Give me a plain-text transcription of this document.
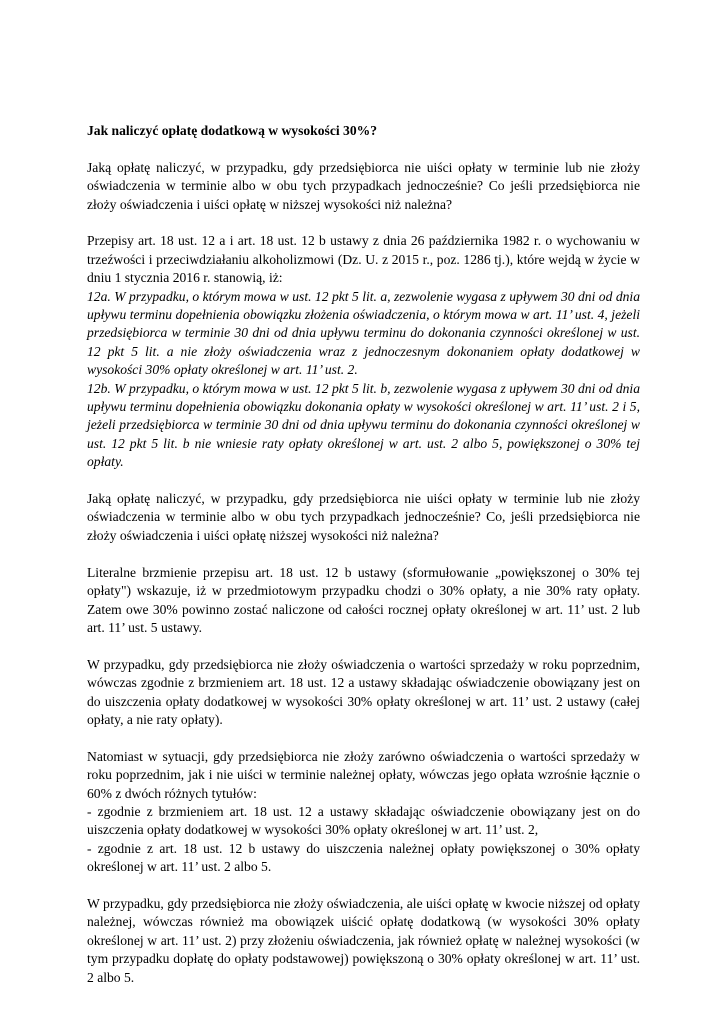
Jak naliczyć opłatę dodatkową w wysokości 30%?

Jaką opłatę naliczyć, w przypadku, gdy przedsiębiorca nie uiści opłaty w terminie lub nie złoży oświadczenia w terminie albo w obu tych przypadkach jednocześnie? Co jeśli przedsiębiorca nie złoży oświadczenia i uiści opłatę w niższej wysokości niż należna?

Przepisy art. 18 ust. 12 a i art. 18 ust. 12 b ustawy z dnia 26 października 1982 r. o wychowaniu w trzeźwości i przeciwdziałaniu alkoholizmowi (Dz. U. z 2015 r., poz. 1286 tj.), które wejdą w życie w dniu 1 stycznia 2016 r. stanowią, iż:
12a. W przypadku, o którym mowa w ust. 12 pkt 5 lit. a, zezwolenie wygasa z upływem 30 dni od dnia upływu terminu dopełnienia obowiązku złożenia oświadczenia, o którym mowa w art. 11’ ust. 4, jeżeli przedsiębiorca w terminie 30 dni od dnia upływu terminu do dokonania czynności określonej w ust. 12 pkt 5 lit. a nie złoży oświadczenia wraz z jednoczesnym dokonaniem opłaty dodatkowej w wysokości 30% opłaty określonej w art. 11’ ust. 2.
12b. W przypadku, o którym mowa w ust. 12 pkt 5 lit. b, zezwolenie wygasa z upływem 30 dni od dnia upływu terminu dopełnienia obowiązku dokonania opłaty w wysokości określonej w art. 11’ ust. 2 i 5, jeżeli przedsiębiorca w terminie 30 dni od dnia upływu terminu do dokonania czynności określonej w ust. 12 pkt 5 lit. b nie wniesie raty opłaty określonej w art. ust. 2 albo 5, powiększonej o 30% tej opłaty.

Jaką opłatę naliczyć, w przypadku, gdy przedsiębiorca nie uiści opłaty w terminie lub nie złoży oświadczenia w terminie albo w obu tych przypadkach jednocześnie? Co, jeśli przedsiębiorca nie złoży oświadczenia i uiści opłatę niższej wysokości niż należna?

Literalne brzmienie przepisu art. 18 ust. 12 b ustawy (sformułowanie „powiększonej o 30% tej opłaty") wskazuje, iż w przedmiotowym przypadku chodzi o 30% opłaty, a nie 30% raty opłaty. Zatem owe 30% powinno zostać naliczone od całości rocznej opłaty określonej w art. 11’ ust. 2 lub art. 11’ ust. 5 ustawy.

W przypadku, gdy przedsiębiorca nie złoży oświadczenia o wartości sprzedaży w roku poprzednim, wówczas zgodnie z brzmieniem art. 18 ust. 12 a ustawy składając oświadczenie obowiązany jest on do uiszczenia opłaty dodatkowej w wysokości 30% opłaty określonej w art. 11’ ust. 2 ustawy (całej opłaty, a nie raty opłaty).

Natomiast w sytuacji, gdy przedsiębiorca nie złoży zarówno oświadczenia o wartości sprzedaży w roku poprzednim, jak i nie uiści w terminie należnej opłaty, wówczas jego opłata wzrośnie łącznie o 60% z dwóch różnych tytułów:
- zgodnie z brzmieniem art. 18 ust. 12 a ustawy składając oświadczenie obowiązany jest on do uiszczenia opłaty dodatkowej w wysokości 30% opłaty określonej w art. 11’ ust. 2,
- zgodnie z art. 18 ust. 12 b ustawy do uiszczenia należnej opłaty powiększonej o 30% opłaty określonej w art. 11’ ust. 2 albo 5.

W przypadku, gdy przedsiębiorca nie złoży oświadczenia, ale uiści opłatę w kwocie niższej od opłaty należnej, wówczas również ma obowiązek uiścić opłatę dodatkową (w wysokości 30% opłaty określonej w art. 11’ ust. 2) przy złożeniu oświadczenia, jak również opłatę w należnej wysokości (w tym przypadku dopłatę do opłaty podstawowej) powiększoną o 30% opłaty określonej w art. 11’ ust. 2 albo 5.
